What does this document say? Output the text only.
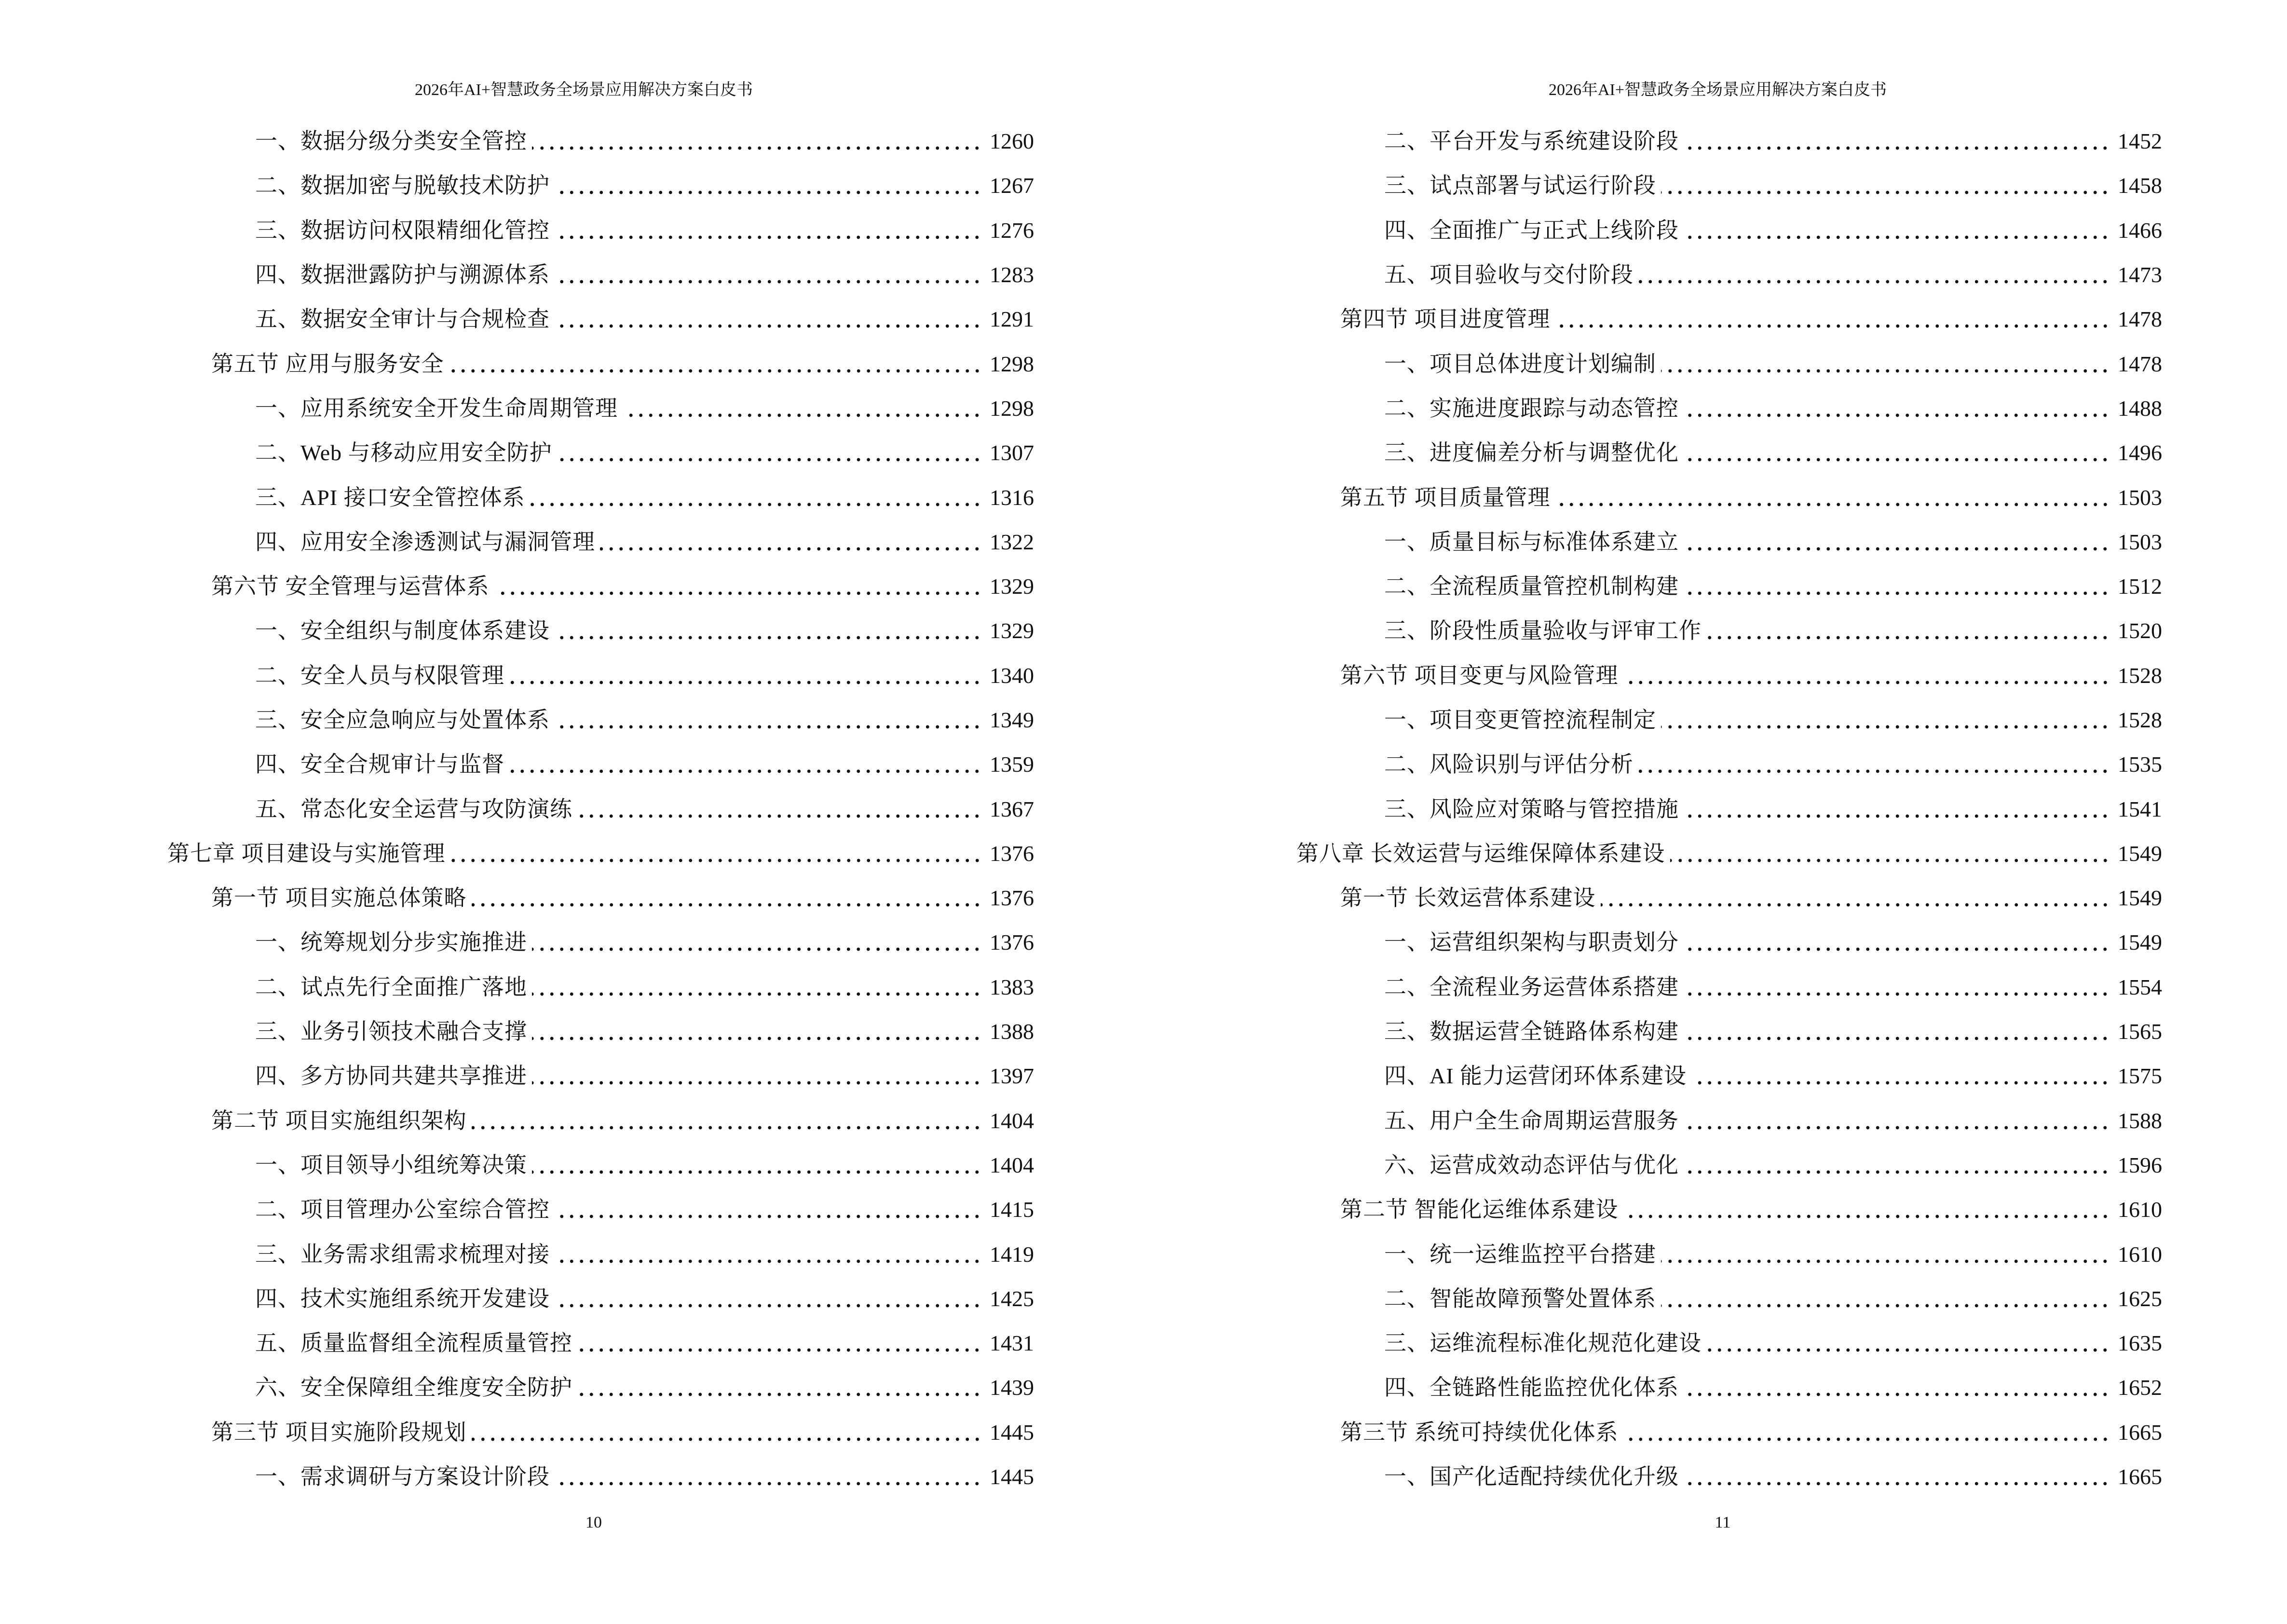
2026年AI+智慧政务全场景应用解决方案白皮书
一、数据分级分类安全管控	1260
二、数据加密与脱敏技术防护	1267
三、数据访问权限精细化管控	1276
四、数据泄露防护与溯源体系	1283
五、数据安全审计与合规检查	1291
第五节 应用与服务安全	1298
一、应用系统安全开发生命周期管理	1298
二、Web 与移动应用安全防护	1307
三、API 接口安全管控体系	1316
四、应用安全渗透测试与漏洞管理	1322
第六节 安全管理与运营体系	1329
一、安全组织与制度体系建设	1329
二、安全人员与权限管理	1340
三、安全应急响应与处置体系	1349
四、安全合规审计与监督	1359
五、常态化安全运营与攻防演练	1367
第七章 项目建设与实施管理	1376
第一节 项目实施总体策略	1376
一、统筹规划分步实施推进	1376
二、试点先行全面推广落地	1383
三、业务引领技术融合支撑	1388
四、多方协同共建共享推进	1397
第二节 项目实施组织架构	1404
一、项目领导小组统筹决策	1404
二、项目管理办公室综合管控	1415
三、业务需求组需求梳理对接	1419
四、技术实施组系统开发建设	1425
五、质量监督组全流程质量管控	1431
六、安全保障组全维度安全防护	1439
第三节 项目实施阶段规划	1445
一、需求调研与方案设计阶段	1445
10
2026年AI+智慧政务全场景应用解决方案白皮书
二、平台开发与系统建设阶段	1452
三、试点部署与试运行阶段	1458
四、全面推广与正式上线阶段	1466
五、项目验收与交付阶段	1473
第四节 项目进度管理	1478
一、项目总体进度计划编制	1478
二、实施进度跟踪与动态管控	1488
三、进度偏差分析与调整优化	1496
第五节 项目质量管理	1503
一、质量目标与标准体系建立	1503
二、全流程质量管控机制构建	1512
三、阶段性质量验收与评审工作	1520
第六节 项目变更与风险管理	1528
一、项目变更管控流程制定	1528
二、风险识别与评估分析	1535
三、风险应对策略与管控措施	1541
第八章 长效运营与运维保障体系建设	1549
第一节 长效运营体系建设	1549
一、运营组织架构与职责划分	1549
二、全流程业务运营体系搭建	1554
三、数据运营全链路体系构建	1565
四、AI 能力运营闭环体系建设	1575
五、用户全生命周期运营服务	1588
六、运营成效动态评估与优化	1596
第二节 智能化运维体系建设	1610
一、统一运维监控平台搭建	1610
二、智能故障预警处置体系	1625
三、运维流程标准化规范化建设	1635
四、全链路性能监控优化体系	1652
第三节 系统可持续优化体系	1665
一、国产化适配持续优化升级	1665
11
